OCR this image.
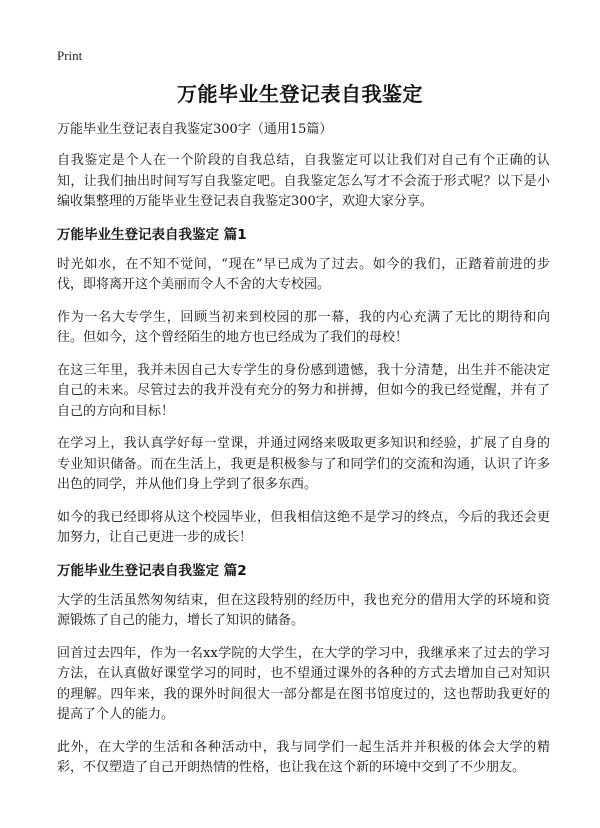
Print
万能毕业生登记表自我鉴定
万能毕业生登记表自我鉴定300字（通用15篇）

自我鉴定是个人在一个阶段的自我总结，自我鉴定可以让我们对自己有个正确的认知，让我们抽出时间写写自我鉴定吧。自我鉴定怎么写才不会流于形式呢？以下是小编收集整理的万能毕业生登记表自我鉴定300字，欢迎大家分享。

万能毕业生登记表自我鉴定 篇1

时光如水，在不知不觉间，“现在”早已成为了过去。如今的我们，正踏着前进的步伐，即将离开这个美丽而令人不舍的大专校园。

作为一名大专学生，回顾当初来到校园的那一幕，我的内心充满了无比的期待和向往。但如今，这个曾经陌生的地方也已经成为了我们的母校！

在这三年里，我并未因自己大专学生的身份感到遗憾，我十分清楚，出生并不能决定自己的未来。尽管过去的我并没有充分的努力和拼搏，但如今的我已经觉醒，并有了自己的方向和目标！

在学习上，我认真学好每一堂课，并通过网络来吸取更多知识和经验，扩展了自身的专业知识储备。而在生活上，我更是积极参与了和同学们的交流和沟通，认识了许多出色的同学，并从他们身上学到了很多东西。

如今的我已经即将从这个校园毕业，但我相信这绝不是学习的终点，今后的我还会更加努力，让自己更进一步的成长！

万能毕业生登记表自我鉴定 篇2

大学的生活虽然匆匆结束，但在这段特别的经历中，我也充分的借用大学的环境和资源锻炼了自己的能力，增长了知识的储备。

回首过去四年，作为一名xx学院的大学生，在大学的学习中，我继承来了过去的学习方法，在认真做好课堂学习的同时，也不望通过课外的各种的方式去增加自己对知识的理解。四年来，我的课外时间很大一部分都是在图书馆度过的，这也帮助我更好的提高了个人的能力。

此外，在大学的生活和各种活动中，我与同学们一起生活并并积极的体会大学的精彩，不仅塑造了自己开朗热情的性格，也让我在这个新的环境中交到了不少朋友。
